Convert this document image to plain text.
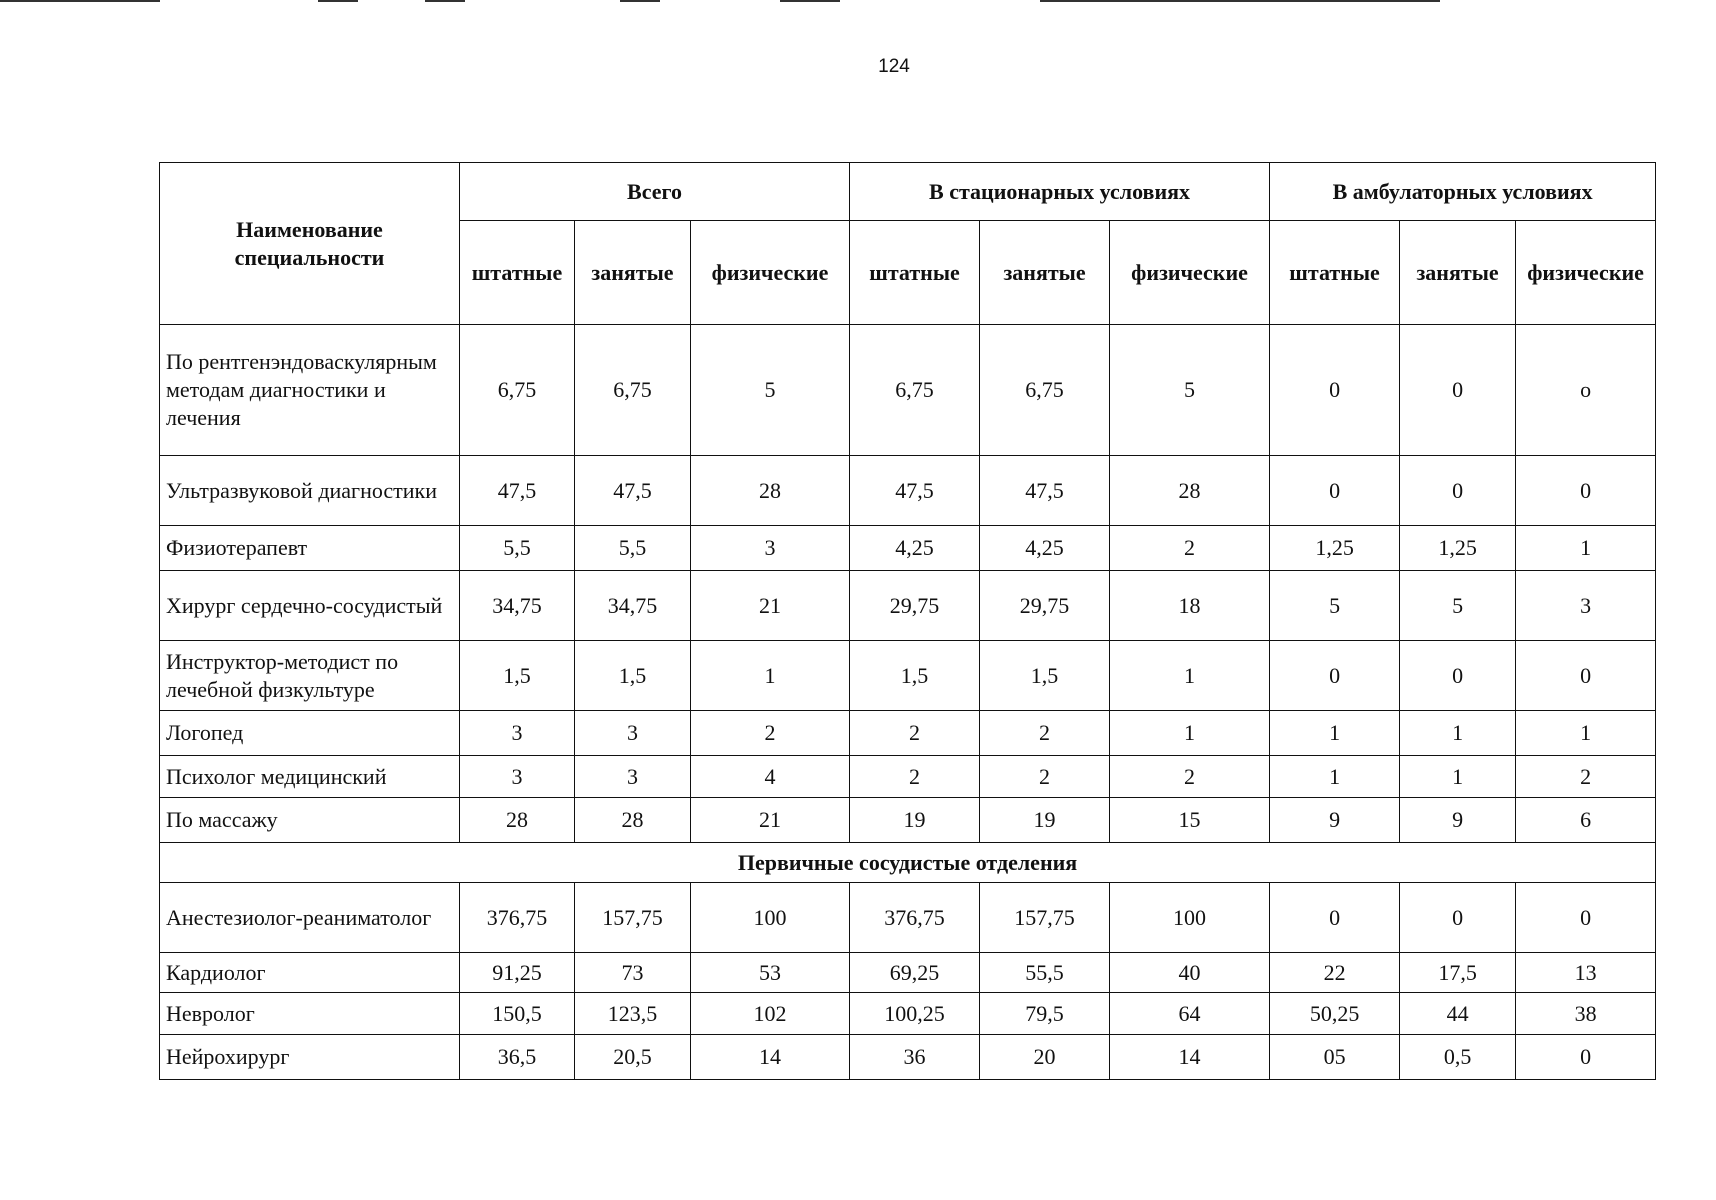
124
Наименование специальности	Всего			В стационарных условиях			В амбулаторных условиях		
	штатные	занятые	физические	штатные	занятые	физические	штатные	занятые	физические
По рентгенэндоваскулярным методам диагностики и лечения	6,75	6,75	5	6,75	6,75	5	0	0	о
Ультразвуковой диагностики	47,5	47,5	28	47,5	47,5	28	0	0	0
Физиотерапевт	5,5	5,5	3	4,25	4,25	2	1,25	1,25	1
Хирург сердечно-сосудистый	34,75	34,75	21	29,75	29,75	18	5	5	3
Инструктор-методист по лечебной физкультуре	1,5	1,5	1	1,5	1,5	1	0	0	0
Логопед	3	3	2	2	2	1	1	1	1
Психолог медицинский	3	3	4	2	2	2	1	1	2
По массажу	28	28	21	19	19	15	9	9	6
Первичные сосудистые отделения									
Анестезиолог-реаниматолог	376,75	157,75	100	376,75	157,75	100	0	0	0
Кардиолог	91,25	73	53	69,25	55,5	40	22	17,5	13
Невролог	150,5	123,5	102	100,25	79,5	64	50,25	44	38
Нейрохирург	36,5	20,5	14	36	20	14	05	0,5	0
